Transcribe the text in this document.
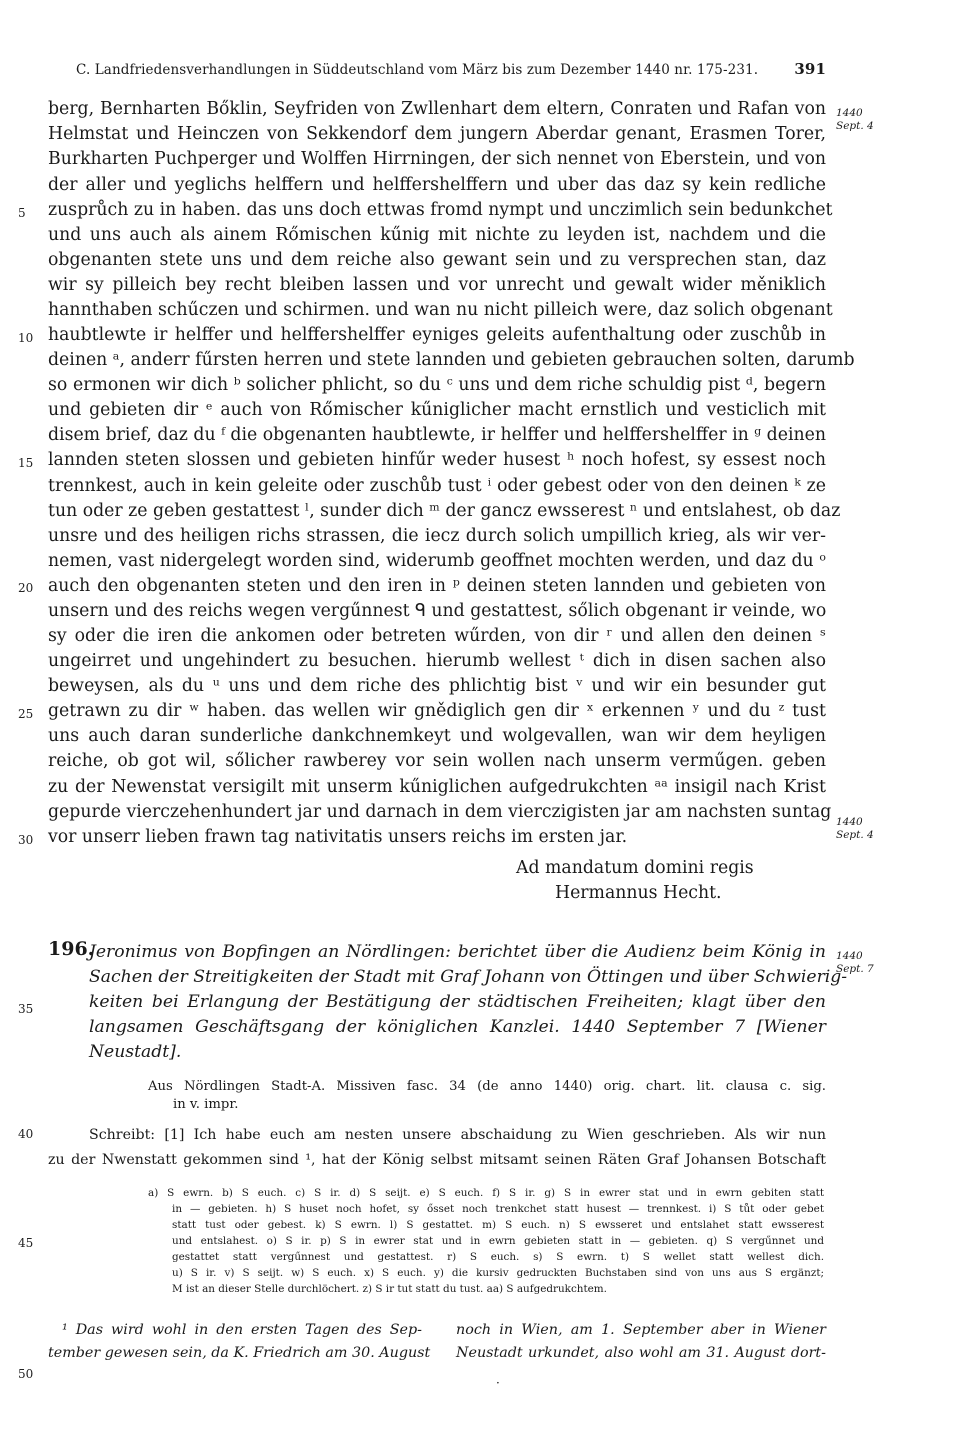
C. Landfriedensverhandlungen in Süddeutschland vom März bis zum Dezember 1440 nr. 175-231. 391
1440
Sept. 4
1440
Sept. 4
1440
Sept. 7
5
10
15
20
25
30
35
40
45
50
berg, Bernharten Bőklin, Seyfriden von Zwllenhart dem eltern, Conraten und Rafan von
Helmstat und Heinczen von Sekkendorf dem jungern Aberdar genant, Erasmen Torer,
Burkharten Puchperger und Wolffen Hirrningen, der sich nennet von Eberstein, und von
der aller und yeglichs helffern und helffershelffern und uber das daz sy kein redliche
zusprůch zu in haben. das uns doch ettwas fromd nympt und unczimlich sein bedunkchet
und uns auch als ainem Rőmischen kűnig mit nichte zu leyden ist, nachdem und die
obgenanten stete uns und dem reiche also gewant sein und zu versprechen stan, daz
wir sy pilleich bey recht bleiben lassen und vor unrecht und gewalt wider měniklich
hannthaben schűczen und schirmen. und wan nu nicht pilleich were, daz solich obgenant
haubtlewte ir helffer und helffershelffer eyniges geleits aufenthaltung oder zuschůb in
deinen ᵃ, anderr fűrsten herren und stete lannden und gebieten gebrauchen solten, darumb
so ermonen wir dich ᵇ solicher phlicht, so du ᶜ uns und dem riche schuldig pist ᵈ, begern
und gebieten dir ᵉ auch von Rőmischer kűniglicher macht ernstlich und vesticlich mit
disem brief, daz du ᶠ die obgenanten haubtlewte, ir helffer und helffershelffer in ᵍ deinen
lannden steten slossen und gebieten hinfűr weder husest ʰ noch hofest, sy essest noch
trennkest, auch in kein geleite oder zuschůb tust ⁱ oder gebest oder von den deinen ᵏ ze
tun oder ze geben gestattest ˡ, sunder dich ᵐ der gancz ewsserest ⁿ und entslahest, ob daz
unsre und des heiligen richs strassen, die iecz durch solich umpillich krieg, als wir ver-
nemen, vast nidergelegt worden sind, widerumb geoffnet mochten werden, und daz du ᵒ
auch den obgenanten steten und den iren in ᵖ deinen steten lannden und gebieten von
unsern und des reichs wegen vergűnnest ᑫ und gestattest, sőlich obgenant ir veinde, wo
sy oder die iren die ankomen oder betreten wűrden, von dir ʳ und allen den deinen ˢ
ungeirret und ungehindert zu besuchen. hierumb wellest ᵗ dich in disen sachen also
beweysen, als du ᵘ uns und dem riche des phlichtig bist ᵛ und wir ein besunder gut
getrawn zu dir ʷ haben. das wellen wir gnědiglich gen dir ˣ erkennen ʸ und du ᶻ tust
uns auch daran sunderliche dankchnemkeyt und wolgevallen, wan wir dem heyligen
reiche, ob got wil, sőlicher rawberey vor sein wollen nach unserm verműgen. geben
zu der Newenstat versigilt mit unserm kűniglichen aufgedrukchten ᵃᵃ insigil nach Krist
gepurde vierczehenhundert jar und darnach in dem vierczigisten jar am nachsten suntag
vor unserr lieben frawn tag nativitatis unsers reichs im ersten jar.
Ad mandatum domini regis
Hermannus Hecht.
196.
Jeronimus von Bopfingen an Nördlingen: berichtet über die Audienz beim König in
Sachen der Streitigkeiten der Stadt mit Graf Johann von Öttingen und über Schwierig-
keiten bei Erlangung der Bestätigung der städtischen Freiheiten; klagt über den
langsamen Geschäftsgang der königlichen Kanzlei. 1440 September 7 [Wiener
Neustadt].
Aus Nördlingen Stadt-A. Missiven fasc. 34 (de anno 1440) orig. chart. lit. clausa c. sig.
in v. impr.
Schreibt: [1] Ich habe euch am nesten unsere abschaidung zu Wien geschrieben. Als wir nun
zu der Nwenstatt gekommen sind ¹, hat der König selbst mitsamt seinen Räten Graf Johansen Botschaft
a) S ewrn. b) S euch. c) S ir. d) S seijt. e) S euch. f) S ir. g) S in ewrer stat und in ewrn gebiten statt
in — gebieten. h) S huset noch hofet, sy ősset noch trenkchet statt husest — trennkest. i) S tůt oder gebet
statt tust oder gebest. k) S ewrn. l) S gestattet. m) S euch. n) S ewsseret und entslahet statt ewsserest
und entslahest. o) S ir. p) S in ewrer stat und in ewrn gebieten statt in — gebieten. q) S vergűnnet und
gestattet statt vergűnnest und gestattest. r) S euch. s) S ewrn. t) S wellet statt wellest dich.
u) S ir. v) S seijt. w) S euch. x) S euch. y) die kursiv gedruckten Buchstaben sind von uns aus S ergänzt;
M ist an dieser Stelle durchlöchert. z) S ir tut statt du tust. aa) S aufgedrukchtem.
¹ Das wird wohl in den ersten Tagen des Sep-
tember gewesen sein, da K. Friedrich am 30. August
noch in Wien, am 1. September aber in Wiener
Neustadt urkundet, also wohl am 31. August dort-
·
